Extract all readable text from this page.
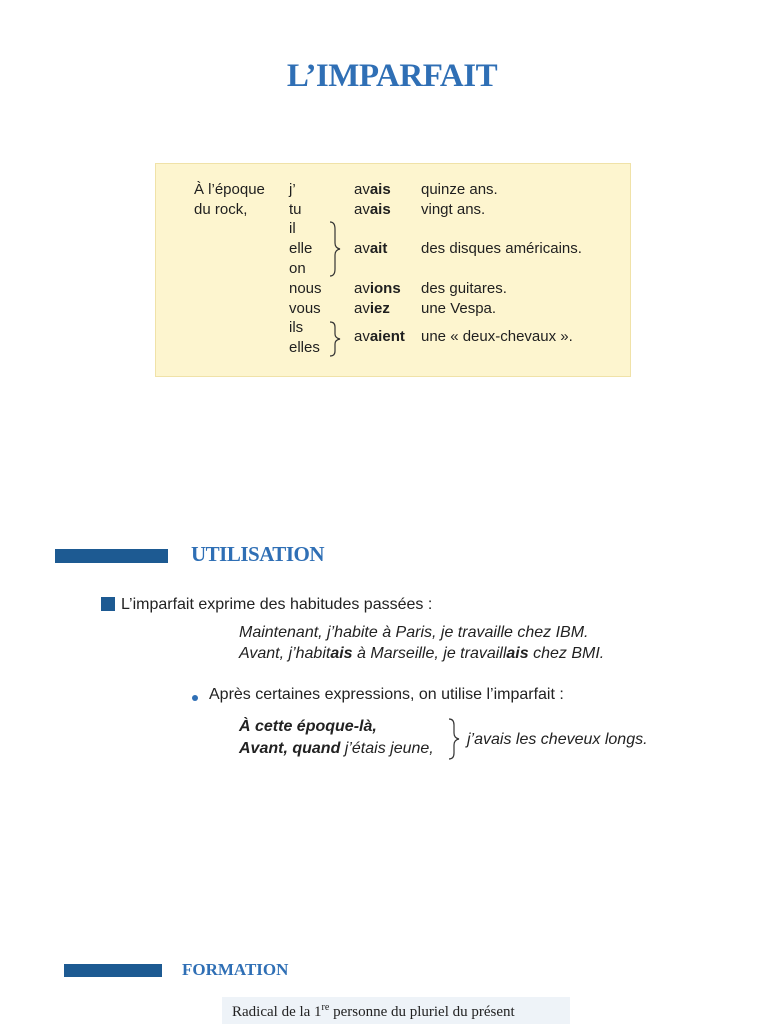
L’IMPARFAIT
À l’époque
du rock,
j’
tu
il
elle
on
nous
vous
ils
elles
avais
avais
avait
avions
aviez
avaient
quinze ans.
vingt ans.
des disques américains.
des guitares.
une Vespa.
une « deux-chevaux ».
UTILISATION
L’imparfait exprime des habitudes passées :
Maintenant, j’habite à Paris, je travaille chez IBM.
Avant, j’habitais à Marseille, je travaillais chez BMI.
Après certaines expressions, on utilise l’imparfait :
À cette époque-là,
Avant, quand j’étais jeune,
j’avais les cheveux longs.
FORMATION
Radical de la 1re personne du pluriel du présent
